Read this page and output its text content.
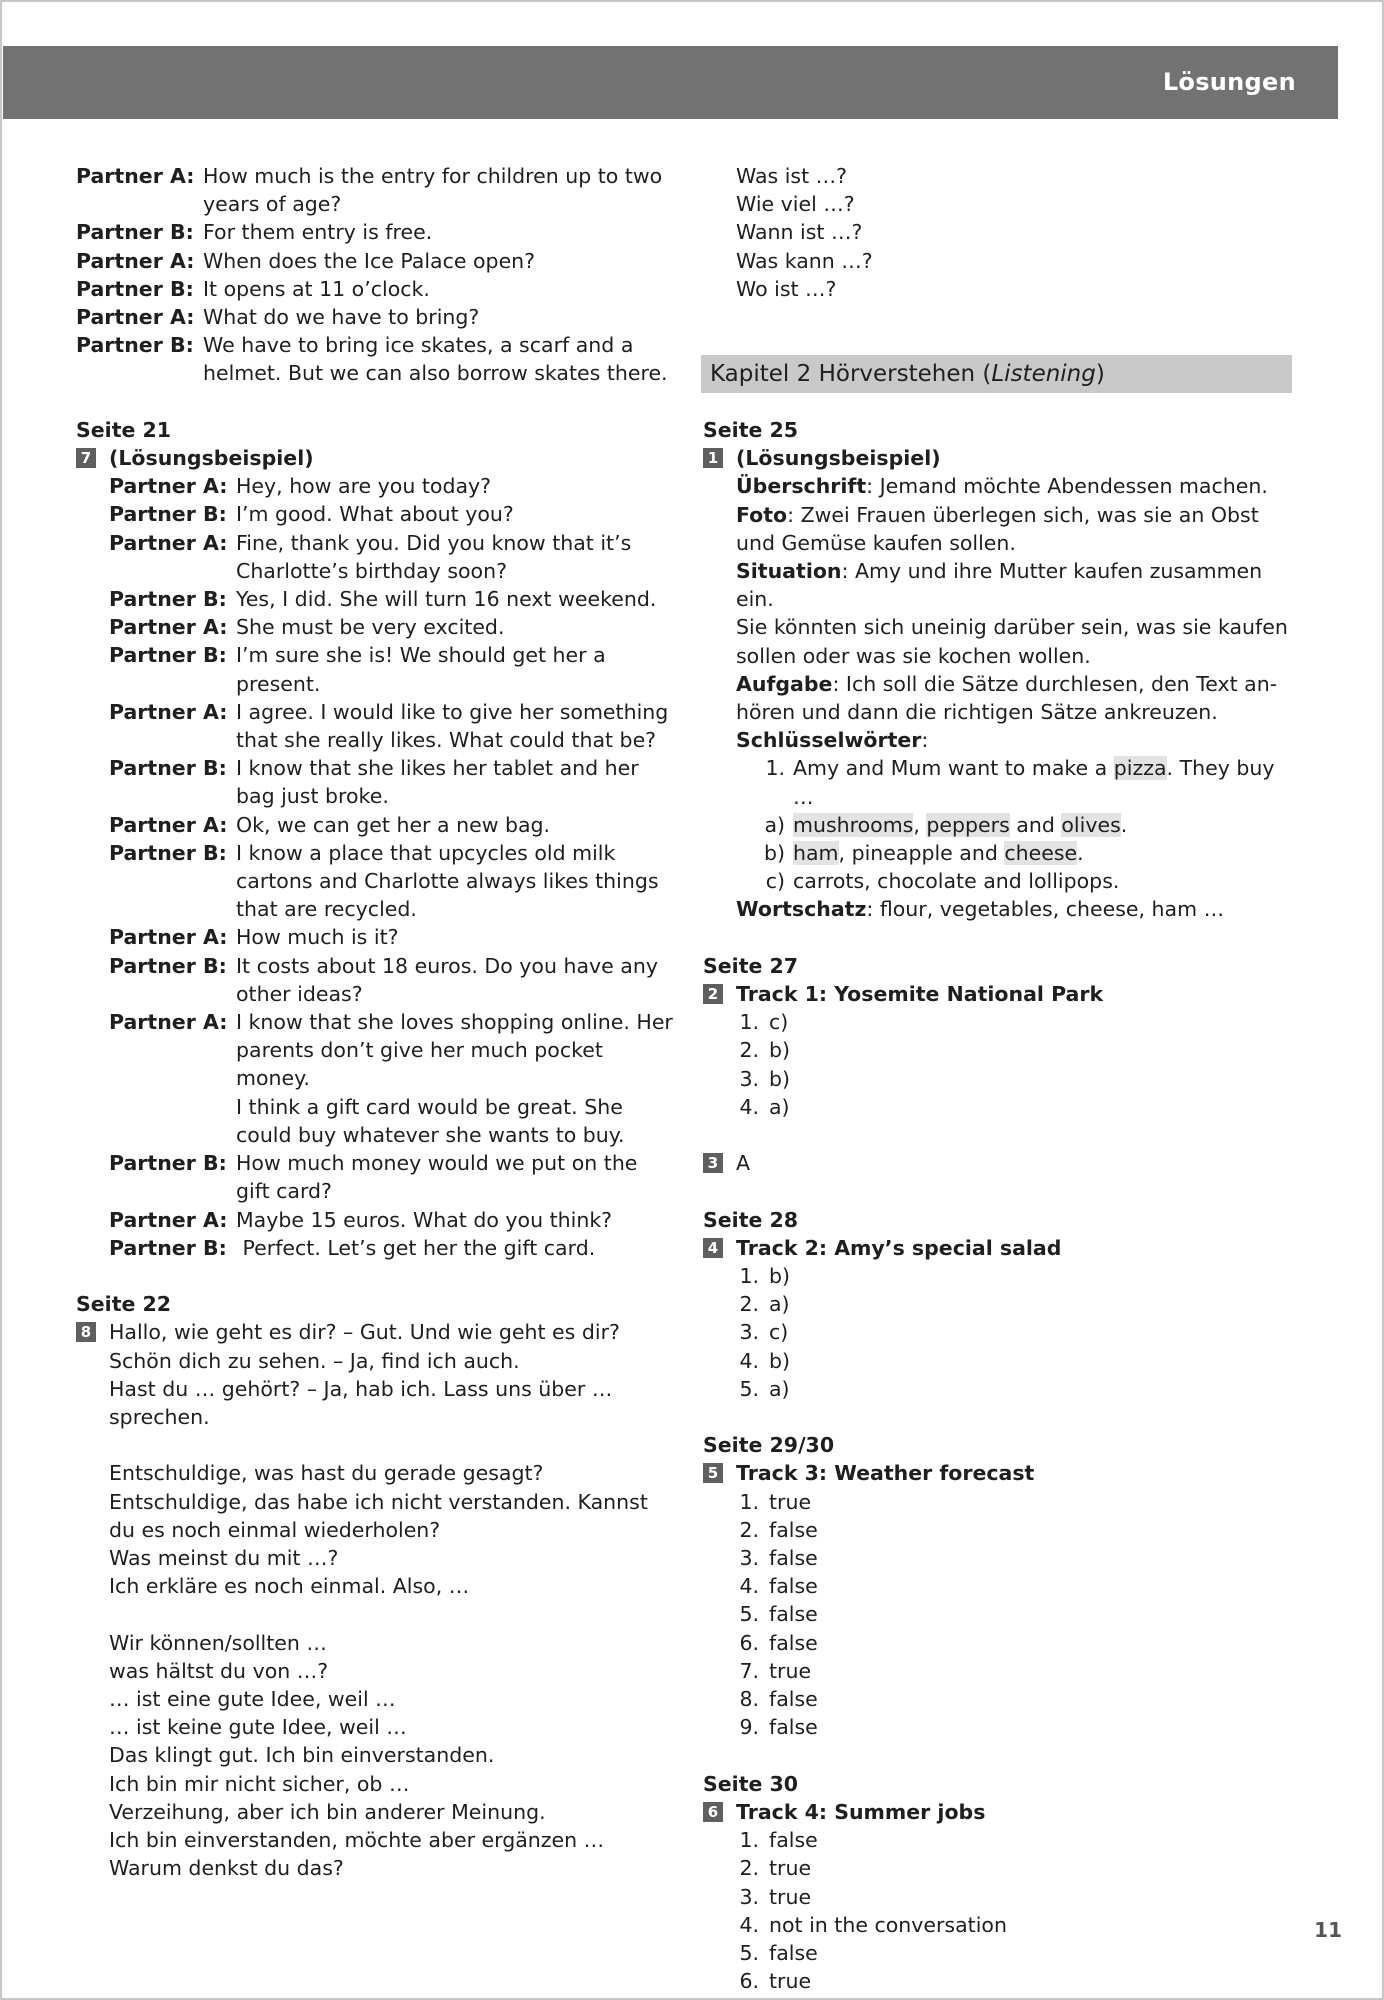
Lösungen
Partner A: How much is the entry for children up to two years of age?
Partner B: For them entry is free.
Partner A: When does the Ice Palace open?
Partner B: It opens at 11 o’clock.
Partner A: What do we have to bring?
Partner B: We have to bring ice skates, a scarf and a helmet. But we can also borrow skates there.
Seite 21
7 (Lösungsbeispiel)
Partner A: Hey, how are you today?
Partner B: I’m good. What about you?
Partner A: Fine, thank you. Did you know that it’s Charlotte’s birthday soon?
Partner B: Yes, I did. She will turn 16 next weekend.
Partner A: She must be very excited.
Partner B: I’m sure she is! We should get her a present.
Partner A: I agree. I would like to give her something that she really likes. What could that be?
Partner B: I know that she likes her tablet and her bag just broke.
Partner A: Ok, we can get her a new bag.
Partner B: I know a place that upcycles old milk cartons and Charlotte always likes things that are recycled.
Partner A: How much is it?
Partner B: It costs about 18 euros. Do you have any other ideas?
Partner A: I know that she loves shopping online. Her parents don’t give her much pocket money.
I think a gift card would be great. She could buy whatever she wants to buy.
Partner B: How much money would we put on the gift card?
Partner A: Maybe 15 euros. What do you think?
Partner B: Perfect. Let’s get her the gift card.
Seite 22
8 Hallo, wie geht es dir? – Gut. Und wie geht es dir?
Schön dich zu sehen. – Ja, find ich auch.
Hast du … gehört? – Ja, hab ich. Lass uns über …
sprechen.
Entschuldige, was hast du gerade gesagt?
Entschuldige, das habe ich nicht verstanden. Kannst
du es noch einmal wiederholen?
Was meinst du mit …?
Ich erkläre es noch einmal. Also, …
Wir können/sollten …
was hältst du von …?
… ist eine gute Idee, weil …
… ist keine gute Idee, weil …
Das klingt gut. Ich bin einverstanden.
Ich bin mir nicht sicher, ob …
Verzeihung, aber ich bin anderer Meinung.
Ich bin einverstanden, möchte aber ergänzen …
Warum denkst du das?
Was ist …?
Wie viel …?
Wann ist …?
Was kann …?
Wo ist …?
Kapitel 2 Hörverstehen (Listening)
Seite 25
1 (Lösungsbeispiel)
Überschrift: Jemand möchte Abendessen machen.
Foto: Zwei Frauen überlegen sich, was sie an Obst
und Gemüse kaufen sollen.
Situation: Amy und ihre Mutter kaufen zusammen ein.
Sie könnten sich uneinig darüber sein, was sie kaufen
sollen oder was sie kochen wollen.
Aufgabe: Ich soll die Sätze durchlesen, den Text an-
hören und dann die richtigen Sätze ankreuzen.
Schlüsselwörter:
1. Amy and Mum want to make a pizza. They buy …
a) mushrooms, peppers and olives.
b) ham, pineapple and cheese.
c) carrots, chocolate and lollipops.
Wortschatz: flour, vegetables, cheese, ham …
Seite 27
2 Track 1: Yosemite National Park
1. c)
2. b)
3. b)
4. a)
3 A
Seite 28
4 Track 2: Amy’s special salad
1. b)
2. a)
3. c)
4. b)
5. a)
Seite 29/30
5 Track 3: Weather forecast
1. true
2. false
3. false
4. false
5. false
6. false
7. true
8. false
9. false
Seite 30
6 Track 4: Summer jobs
1. false
2. true
3. true
4. not in the conversation
5. false
6. true
11
